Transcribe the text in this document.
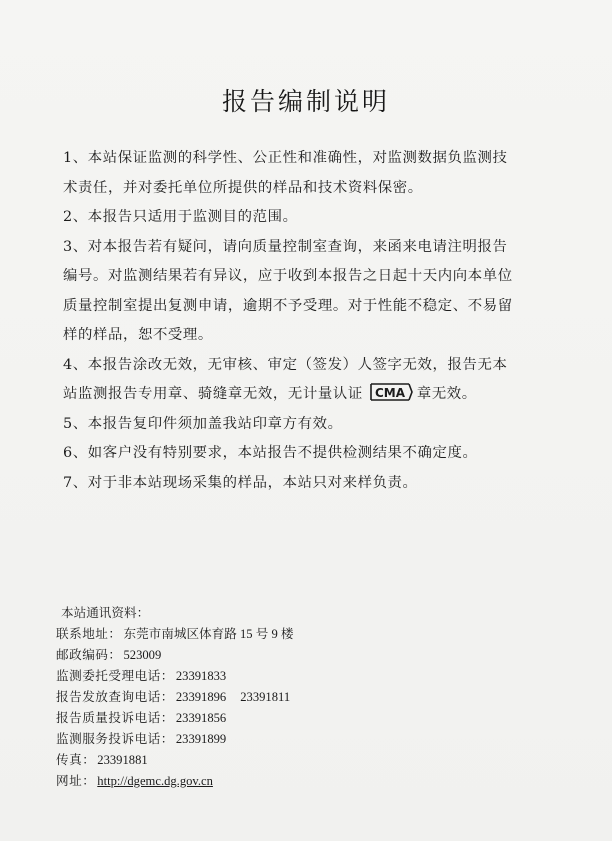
报告编制说明

1、本站保证监测的科学性、公正性和准确性，对监测数据负监测技术责任，并对委托单位所提供的样品和技术资料保密。

2、本报告只适用于监测目的范围。

3、对本报告若有疑问，请向质量控制室查询，来函来电请注明报告编号。对监测结果若有异议，应于收到本报告之日起十天内向本单位质量控制室提出复测申请，逾期不予受理。对于性能不稳定、不易留样的样品，恕不受理。

4、本报告涂改无效，无审核、审定（签发）人签字无效，报告无本站监测报告专用章、骑缝章无效，无计量认证 CMA 章无效。

5、本报告复印件须加盖我站印章方有效。

6、如客户没有特别要求，本站报告不提供检测结果不确定度。

7、对于非本站现场采集的样品，本站只对来样负责。

本站通讯资料：
联系地址： 东莞市南城区体育路 15 号 9 楼
邮政编码： 523009
监测委托受理电话： 23391833
报告发放查询电话： 23391896 23391811
报告质量投诉电话： 23391856
监测服务投诉电话： 23391899
传真： 23391881
网址： http://dgemc.dg.gov.cn
